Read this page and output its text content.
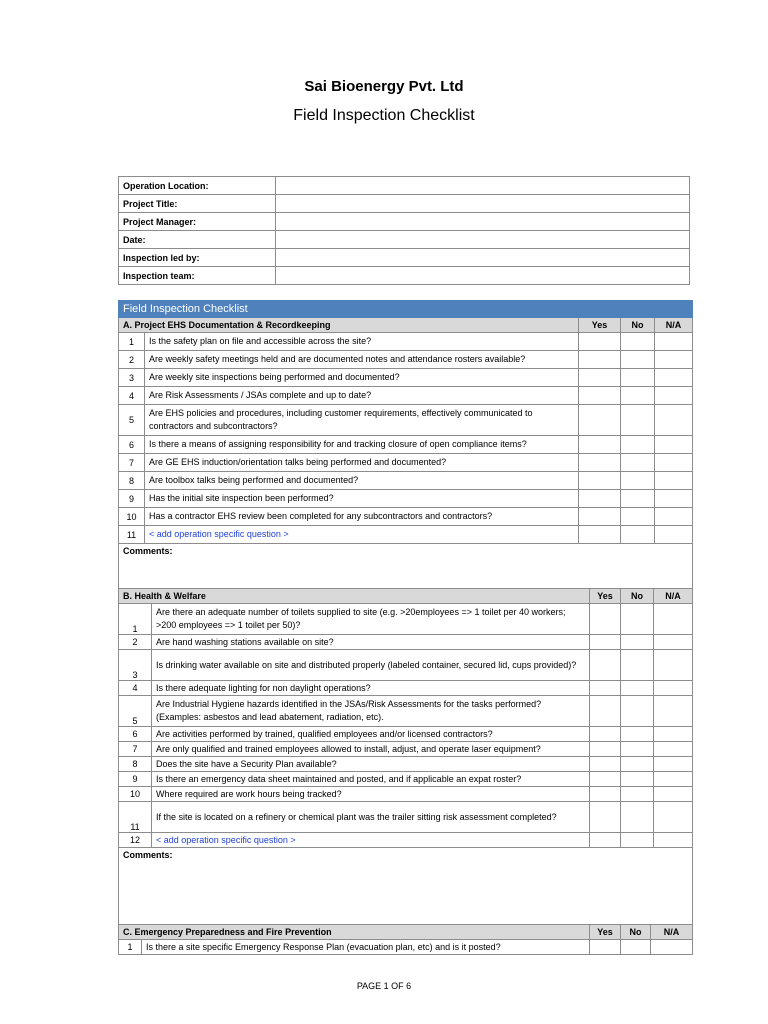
Sai Bioenergy Pvt. Ltd
Field Inspection Checklist
Operation Location:	
Project Title:	
Project Manager:	
Date:	
Inspection led by:	
Inspection team:	
Field Inspection Checklist				
A. Project EHS Documentation & Recordkeeping		Yes	No	N/A
1	Is the safety plan on file and accessible across the site?			
2	Are weekly safety meetings held and are documented notes and attendance rosters available?			
3	Are weekly site inspections being performed and documented?			
4	Are Risk Assessments / JSAs complete and up to date?			
5	Are EHS policies and procedures, including customer requirements, effectively communicated to contractors and subcontractors?			
6	Is there a means of assigning responsibility for and tracking closure of open compliance items?			
7	Are GE EHS induction/orientation talks being performed and documented?			
8	Are toolbox talks being performed and documented?			
9	Has the initial site inspection been performed?			
10	Has a contractor EHS review been completed for any subcontractors and contractors?			
11	< add operation specific question >			
Comments:				
B. Health & Welfare		Yes	No	N/A
1	Are there an adequate number of toilets supplied to site (e.g. >20employees => 1 toilet per 40 workers; >200 employees => 1 toilet per 50)?			
2	Are hand washing stations available on site?			
3	Is drinking water available on site and distributed properly (labeled container, secured lid, cups provided)?			
4	Is there adequate lighting for non daylight operations?			
5	Are Industrial Hygiene hazards identified in the JSAs/Risk Assessments for the tasks performed? (Examples: asbestos and lead abatement, radiation, etc).			
6	Are activities performed by trained, qualified employees and/or licensed contractors?			
7	Are only qualified and trained employees allowed to install, adjust, and operate laser equipment?			
8	Does the site have a Security Plan available?			
9	Is there an emergency data sheet maintained and posted, and if applicable an expat roster?			
10	Where required are work hours being tracked?			
11	If the site is located on a refinery or chemical plant was the trailer sitting risk assessment completed?			
12	< add operation specific question >			
Comments:				
C. Emergency Preparedness and Fire Prevention		Yes	No	N/A
1	Is there a site specific Emergency Response Plan (evacuation plan, etc) and is it posted?			
PAGE 1 OF 6
